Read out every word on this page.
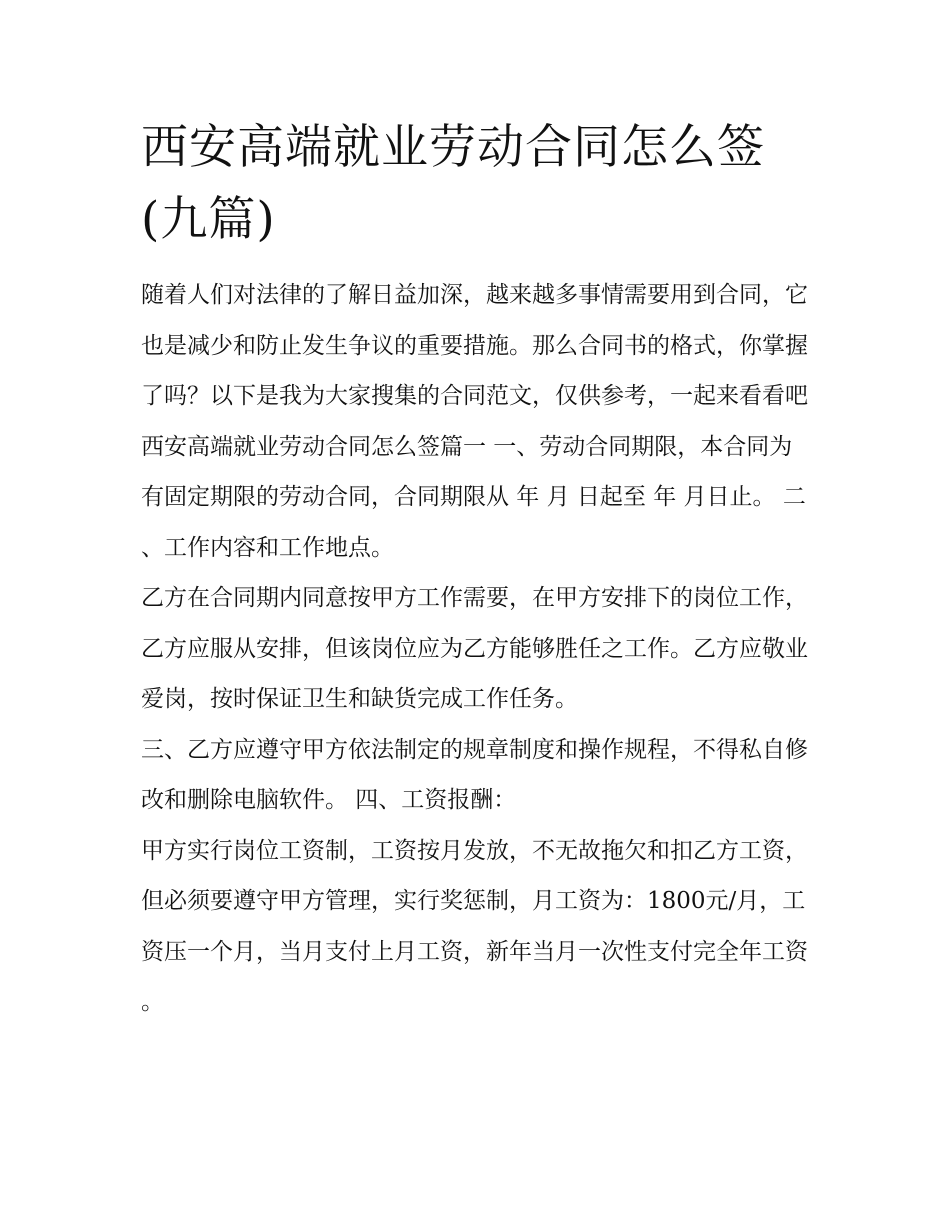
西安高端就业劳动合同怎么签(九篇)

随着人们对法律的了解日益加深，越来越多事情需要用到合同，它也是减少和防止发生争议的重要措施。那么合同书的格式，你掌握了吗？以下是我为大家搜集的合同范文，仅供参考，一起来看看吧

西安高端就业劳动合同怎么签篇一 一、劳动合同期限，本合同为有固定期限的劳动合同，合同期限从 年 月 日起至 年 月日止。 二、工作内容和工作地点。

乙方在合同期内同意按甲方工作需要，在甲方安排下的岗位工作，乙方应服从安排，但该岗位应为乙方能够胜任之工作。乙方应敬业爱岗，按时保证卫生和缺货完成工作任务。

三、乙方应遵守甲方依法制定的规章制度和操作规程，不得私自修改和删除电脑软件。 四、工资报酬：

甲方实行岗位工资制，工资按月发放，不无故拖欠和扣乙方工资，但必须要遵守甲方管理，实行奖惩制，月工资为：1800元/月，工资压一个月，当月支付上月工资，新年当月一次性支付完全年工资。
